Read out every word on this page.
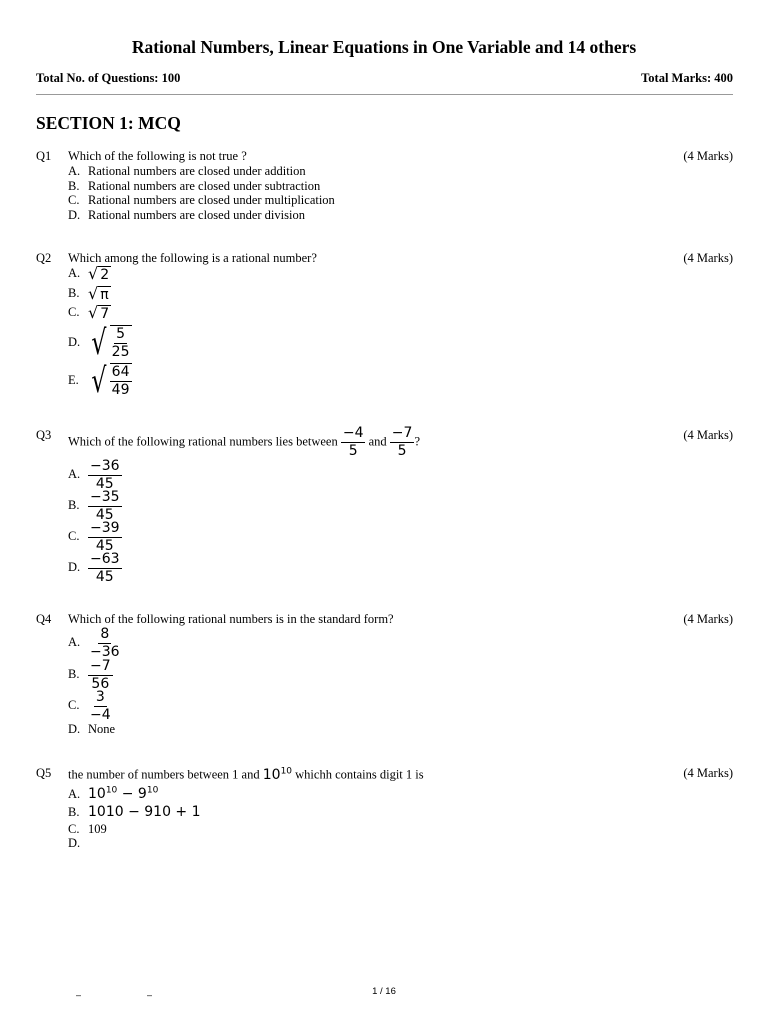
Rational Numbers, Linear Equations in One Variable and 14 others
Total No. of Questions: 100	Total Marks: 400
SECTION 1: MCQ
Q1 Which of the following is not true ?	(4 Marks)
A. Rational numbers are closed under addition
B. Rational numbers are closed under subtraction
C. Rational numbers are closed under multiplication
D. Rational numbers are closed under division
Q2 Which among the following is a rational number?	(4 Marks)
A. √ 2
B. √ π
C. √ 7
D. √ $\frac{5}{25}$
E. √ $\frac{64}{49}$
Q3	(4 Marks)
Which of the following rational numbers lies between $\frac{-4}{5}$ and $\frac{-7}{5}$ ?
A. $\frac{-36}{45}$
B. $\frac{-35}{45}$
C. $\frac{-39}{45}$
D. $\frac{-63}{45}$
Q4 Which of the following rational numbers is in the standard form?	(4 Marks)
A. $\frac{8}{-36}$
B. $\frac{-7}{56}$
C. $\frac{3}{-4}$
D. None
Q5	(4 Marks)
the number of numbers between 1 and $10^{10}$ whichh contains digit 1 is
A. $10^{10} - 9^{10}$
B. 1010 − 910 + 1
C. 109
D.
1 / 16
–	–
